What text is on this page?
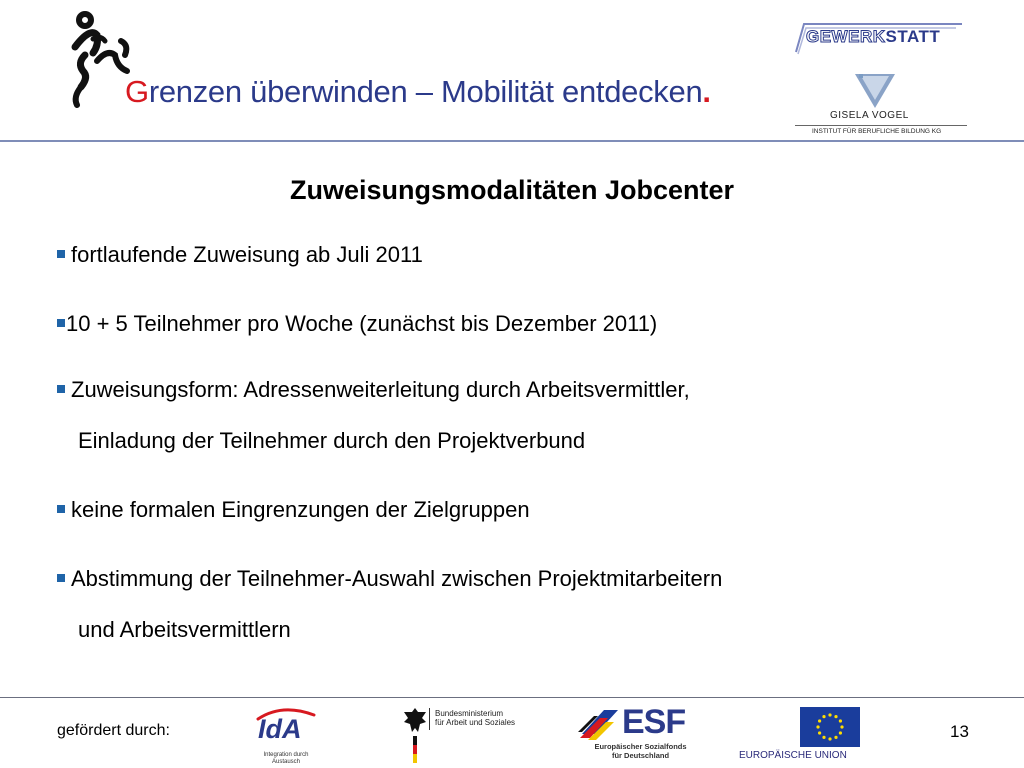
Grenzen überwinden – Mobilität entdecken.
GEWERKSTATT
GISELA VOGEL
INSTITUT FÜR BERUFLICHE BILDUNG KG
Zuweisungsmodalitäten Jobcenter
fortlaufende Zuweisung ab Juli 2011
10 + 5 Teilnehmer pro Woche (zunächst bis Dezember 2011)
Zuweisungsform: Adressenweiterleitung durch Arbeitsvermittler,
Einladung der Teilnehmer durch den Projektverbund
keine formalen Eingrenzungen der Zielgruppen
Abstimmung der Teilnehmer-Auswahl zwischen Projektmitarbeitern
und Arbeitsvermittlern
gefördert durch:	IdA
Integration durch Austausch
Bundesministerium
für Arbeit und Soziales	ESF
Europäischer Sozialfonds
für Deutschland	EUROPÄISCHE UNION
13
